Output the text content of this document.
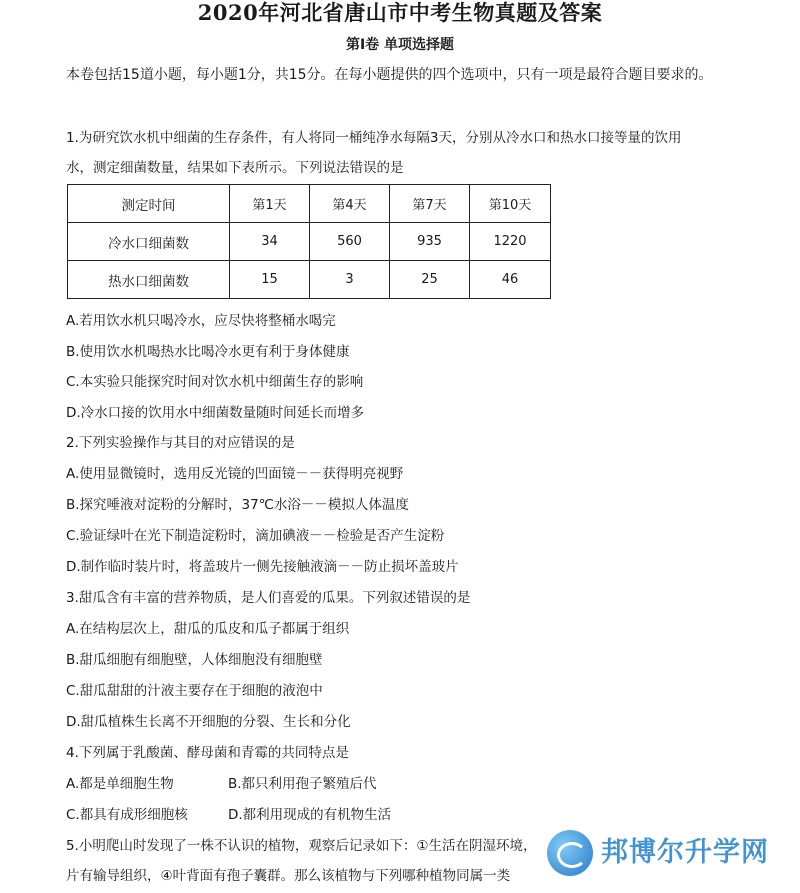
2020年河北省唐山市中考生物真题及答案
第Ⅰ卷 单项选择题
本卷包括15道小题，每小题1分，共15分。在每小题提供的四个选项中，只有一项是最符合题目要求的。
1.为研究饮水机中细菌的生存条件，有人将同一桶纯净水每隔3天，分别从冷水口和热水口接等量的饮用
水，测定细菌数量，结果如下表所示。下列说法错误的是
测定时间	第1天	第4天	第7天	第10天
冷水口细菌数	34	560	935	1220
热水口细菌数	15	3	25	46
A.若用饮水机只喝冷水，应尽快将整桶水喝完
B.使用饮水机喝热水比喝冷水更有利于身体健康
C.本实验只能探究时间对饮水机中细菌生存的影响
D.冷水口接的饮用水中细菌数量随时间延长而增多
2.下列实验操作与其目的对应错误的是
A.使用显微镜时，选用反光镜的凹面镜－－获得明亮视野
B.探究唾液对淀粉的分解时，37℃水浴－－模拟人体温度
C.验证绿叶在光下制造淀粉时，滴加碘液－－检验是否产生淀粉
D.制作临时装片时，将盖玻片一侧先接触液滴－－防止损坏盖玻片
3.甜瓜含有丰富的营养物质，是人们喜爱的瓜果。下列叙述错误的是
A.在结构层次上，甜瓜的瓜皮和瓜子都属于组织
B.甜瓜细胞有细胞壁，人体细胞没有细胞壁
C.甜瓜甜甜的汁液主要存在于细胞的液泡中
D.甜瓜植株生长离不开细胞的分裂、生长和分化
4.下列属于乳酸菌、酵母菌和青霉的共同特点是
A.都是单细胞生物	B.都只利用孢子繁殖后代
C.都具有成形细胞核	D.都利用现成的有机物生活
5.小明爬山时发现了一株不认识的植物，观察后记录如下：①生活在阴湿环境，
片有输导组织，④叶背面有孢子囊群。那么该植物与下列哪种植物同属一类
邦博尔升学网
